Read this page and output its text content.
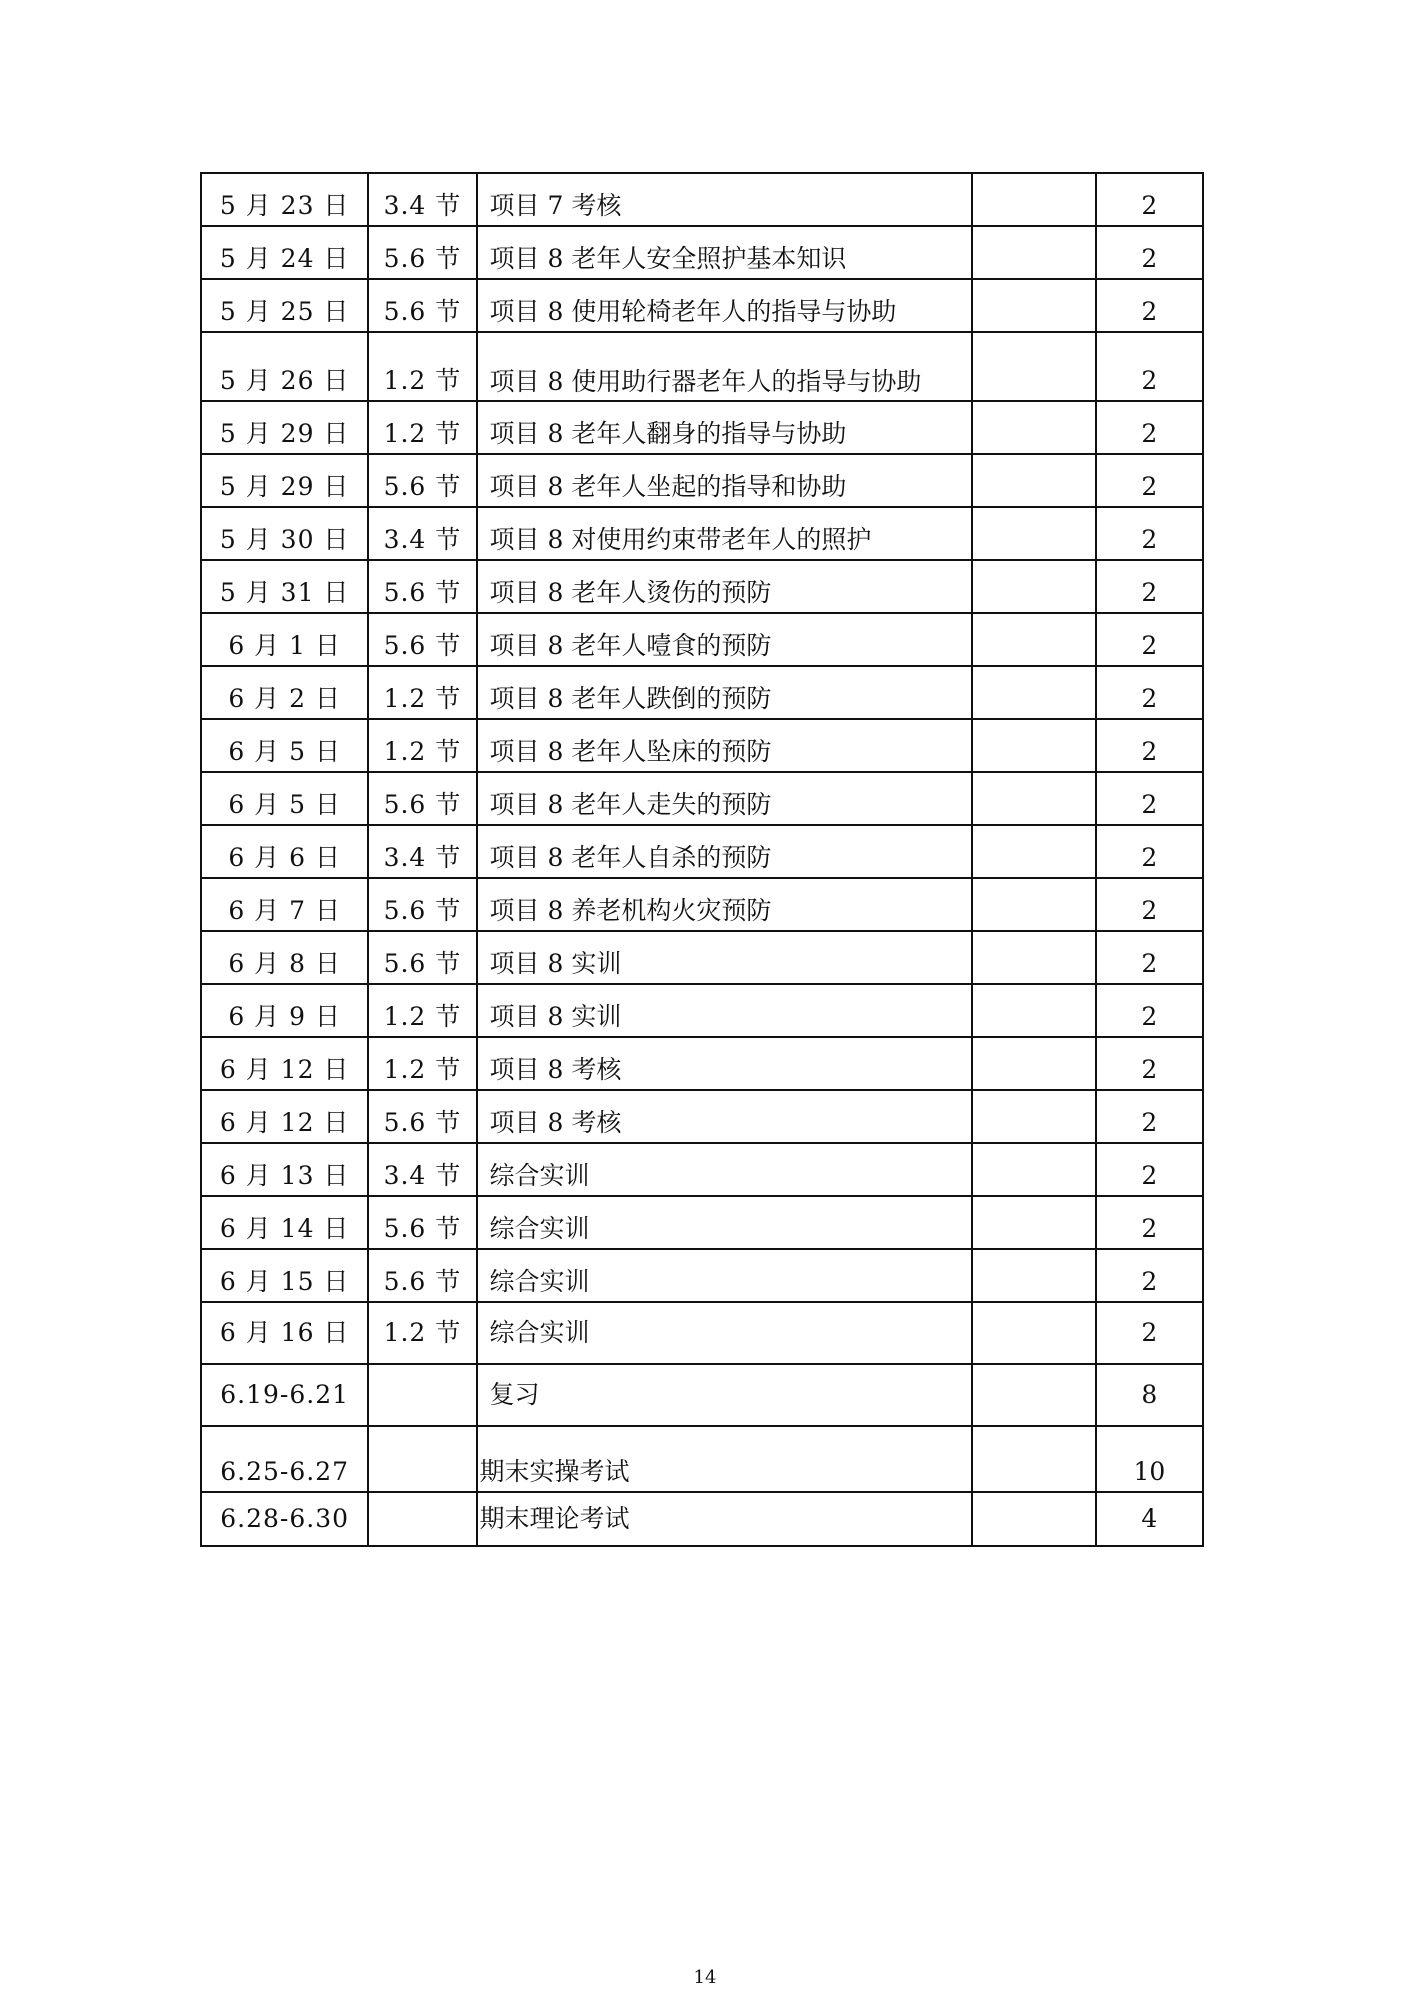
5 月 23 日	3.4 节	项目 7 考核		2
5 月 24 日	5.6 节	项目 8 老年人安全照护基本知识		2
5 月 25 日	5.6 节	项目 8 使用轮椅老年人的指导与协助		2
5 月 26 日	1.2 节	项目 8 使用助行器老年人的指导与协助		2
5 月 29 日	1.2 节	项目 8 老年人翻身的指导与协助		2
5 月 29 日	5.6 节	项目 8 老年人坐起的指导和协助		2
5 月 30 日	3.4 节	项目 8 对使用约束带老年人的照护		2
5 月 31 日	5.6 节	项目 8 老年人烫伤的预防		2
6 月 1 日	5.6 节	项目 8 老年人噎食的预防		2
6 月 2 日	1.2 节	项目 8 老年人跌倒的预防		2
6 月 5 日	1.2 节	项目 8 老年人坠床的预防		2
6 月 5 日	5.6 节	项目 8 老年人走失的预防		2
6 月 6 日	3.4 节	项目 8 老年人自杀的预防		2
6 月 7 日	5.6 节	项目 8 养老机构火灾预防		2
6 月 8 日	5.6 节	项目 8 实训		2
6 月 9 日	1.2 节	项目 8 实训		2
6 月 12 日	1.2 节	项目 8 考核		2
6 月 12 日	5.6 节	项目 8 考核		2
6 月 13 日	3.4 节	综合实训		2
6 月 14 日	5.6 节	综合实训		2
6 月 15 日	5.6 节	综合实训		2
6 月 16 日	1.2 节	综合实训		2
6.19-6.21		复习		8
6.25-6.27		期末实操考试		10
6.28-6.30		期末理论考试		4
14
